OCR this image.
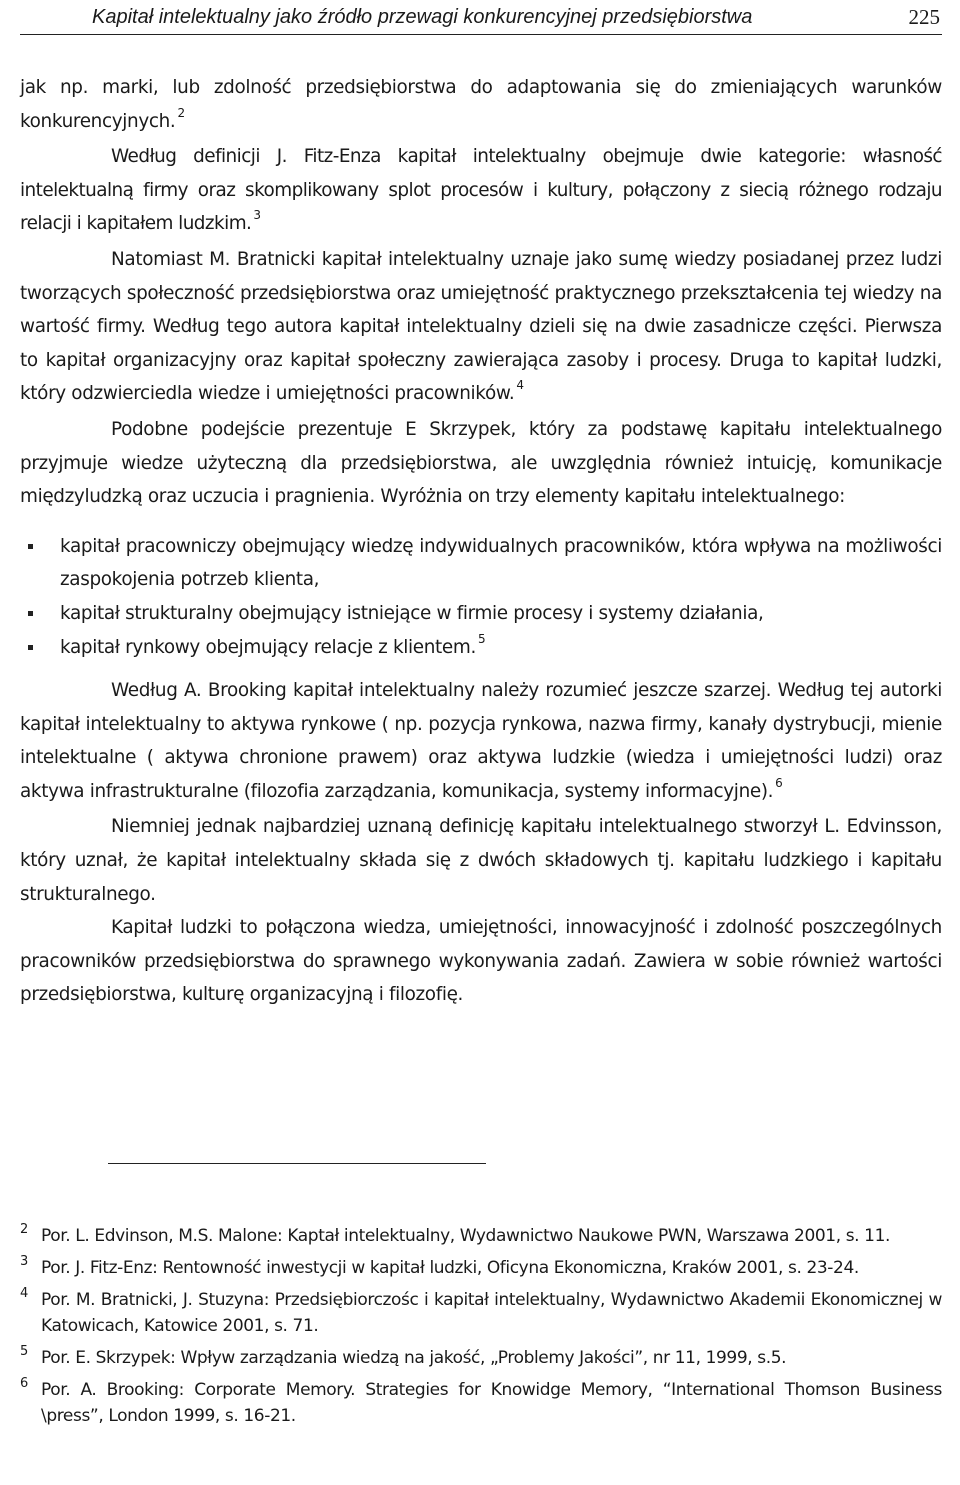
Kapitał intelektualny jako źródło przewagi konkurencyjnej przedsiębiorstwa	225

jak np. marki, lub zdolność przedsiębiorstwa do adaptowania się do zmieniających warunków konkurencyjnych. $^2$

Według definicji J. Fitz-Enza kapitał intelektualny obejmuje dwie kategorie: własność intelektualną firmy oraz skomplikowany splot procesów i kultury, połączony z siecią różnego rodzaju relacji i kapitałem ludzkim. $^3$

Natomiast M. Bratnicki kapitał intelektualny uznaje jako sumę wiedzy posiadanej przez ludzi tworzących społeczność przedsiębiorstwa oraz umiejętność praktycznego przekształcenia tej wiedzy na wartość firmy. Według tego autora kapitał intelektualny dzieli się na dwie zasadnicze części. Pierwsza to kapitał organizacyjny oraz kapitał społeczny zawierająca zasoby i procesy. Druga to kapitał ludzki, który odzwierciedla wiedze i umiejętności pracowników. $^4$

Podobne podejście prezentuje E Skrzypek, który za podstawę kapitału intelektualnego przyjmuje wiedze użyteczną dla przedsiębiorstwa, ale uwzględnia również intuicję, komunikacje międzyludzką oraz uczucia i pragnienia. Wyróżnia on trzy elementy kapitału intelektualnego:

kapitał pracowniczy obejmujący wiedzę indywidualnych pracowników, która wpływa na możliwości zaspokojenia potrzeb klienta,
kapitał strukturalny obejmujący istniejące w firmie procesy i systemy działania,
kapitał rynkowy obejmujący relacje z klientem. $^5$

Według A. Brooking kapitał intelektualny należy rozumieć jeszcze szarzej. Według tej autorki kapitał intelektualny to aktywa rynkowe ( np. pozycja rynkowa, nazwa firmy, kanały dystrybucji, mienie intelektualne ( aktywa chronione prawem) oraz aktywa ludzkie (wiedza i umiejętności ludzi) oraz aktywa infrastrukturalne (filozofia zarządzania, komunikacja, systemy informacyjne). $^6$

Niemniej jednak najbardziej uznaną definicję kapitału intelektualnego stworzył L. Edvinsson, który uznał, że kapitał intelektualny składa się z dwóch składowych tj. kapitału ludzkiego i kapitału strukturalnego.

Kapitał ludzki to połączona wiedza, umiejętności, innowacyjność i zdolność poszczególnych pracowników przedsiębiorstwa do sprawnego wykonywania zadań. Zawiera w sobie również wartości przedsiębiorstwa, kulturę organizacyjną i filozofię.

2 Por. L. Edvinson, M.S. Malone: Kaptał intelektualny, Wydawnictwo Naukowe PWN, Warszawa 2001, s. 11.
3 Por. J. Fitz-Enz: Rentowność inwestycji w kapitał ludzki, Oficyna Ekonomiczna, Kraków 2001, s. 23-24.
4 Por. M. Bratnicki, J. Stuzyna: Przedsiębiorczośc i kapitał intelektualny, Wydawnictwo Akademii Ekonomicznej w Katowicach, Katowice 2001, s. 71.
5 Por. E. Skrzypek: Wpływ zarządzania wiedzą na jakość, „Problemy Jakości”, nr 11, 1999, s.5.
6 Por. A. Brooking: Corporate Memory. Strategies for Knowidge Memory, “International Thomson Business \press”, London 1999, s. 16-21.
